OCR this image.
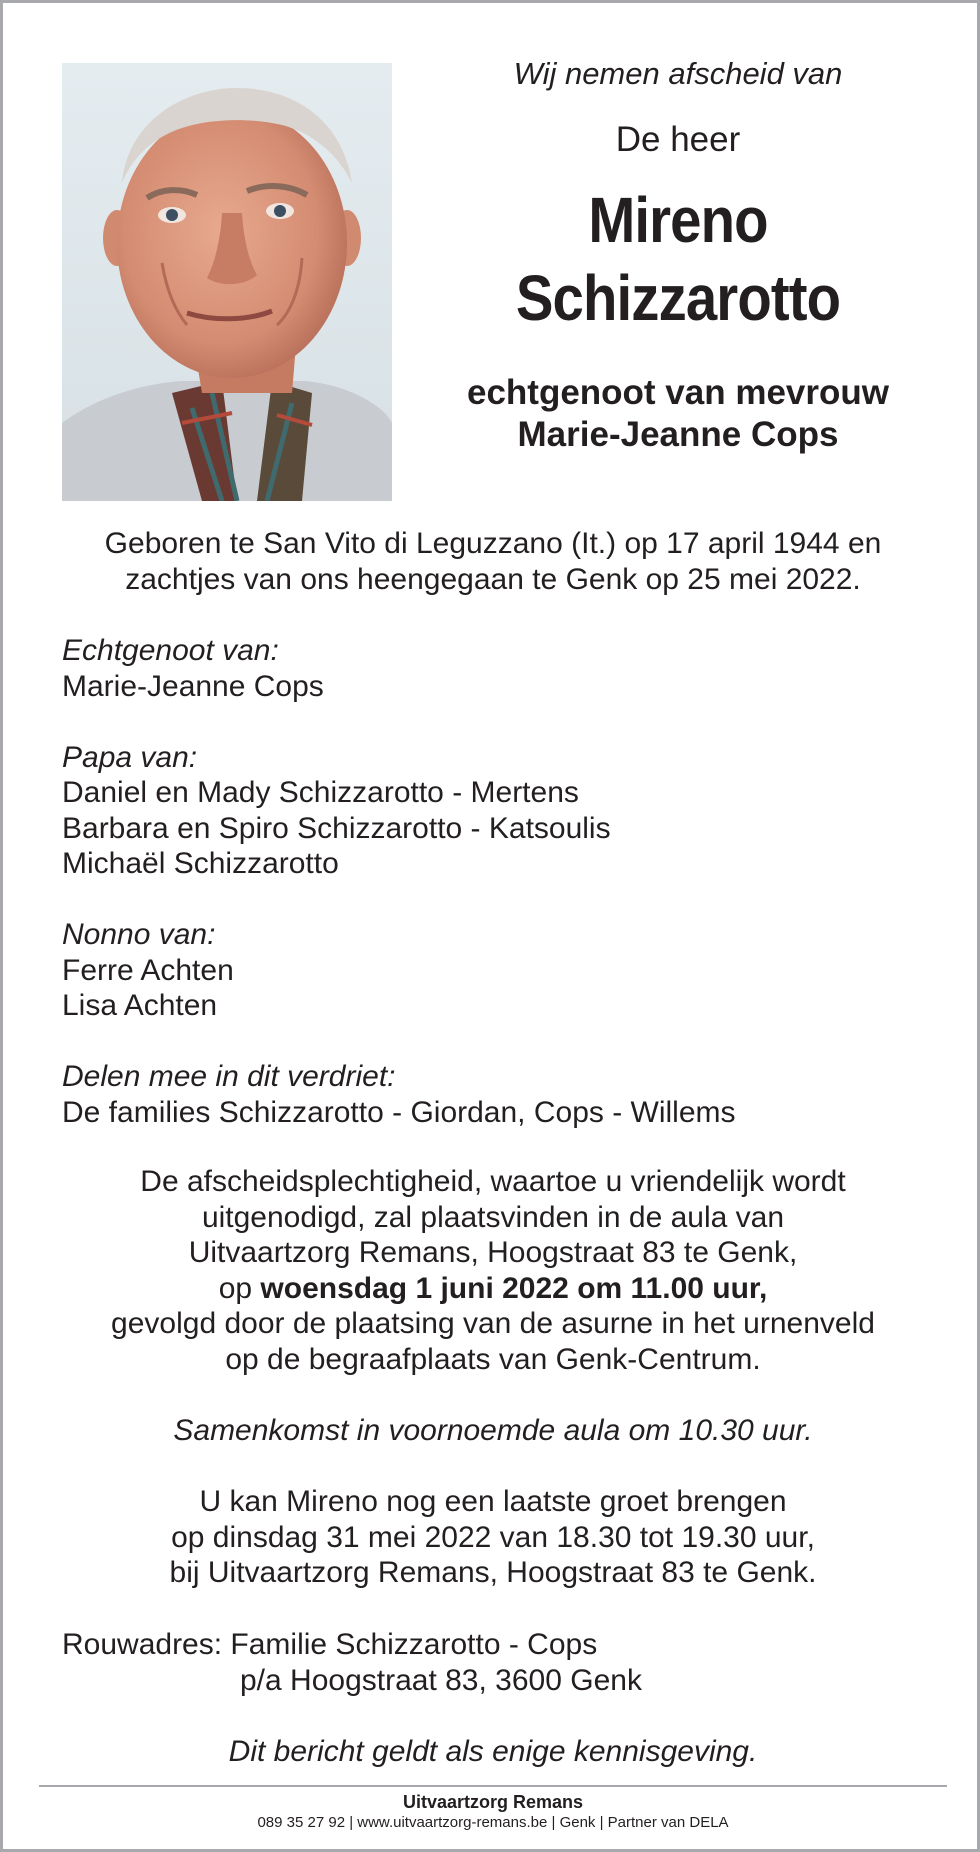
Wij nemen afscheid van

De heer

Mireno
Schizzarotto
echtgenoot van mevrouw
Marie-Jeanne Cops
Geboren te San Vito di Leguzzano (It.) op 17 april 1944 en
zachtjes van ons heengegaan te Genk op 25 mei 2022.
Echtgenoot van:
Marie-Jeanne Cops
Papa van:
Daniel en Mady Schizzarotto - Mertens
Barbara en Spiro Schizzarotto - Katsoulis
Michaël Schizzarotto
Nonno van:
Ferre Achten
Lisa Achten
Delen mee in dit verdriet:
De families Schizzarotto - Giordan, Cops - Willems
De afscheidsplechtigheid, waartoe u vriendelijk wordt
uitgenodigd, zal plaatsvinden in de aula van
Uitvaartzorg Remans, Hoogstraat 83 te Genk,
op woensdag 1 juni 2022 om 11.00 uur,
gevolgd door de plaatsing van de asurne in het urnenveld
op de begraafplaats van Genk-Centrum.
Samenkomst in voornoemde aula om 10.30 uur.
U kan Mireno nog een laatste groet brengen
op dinsdag 31 mei 2022 van 18.30 tot 19.30 uur,
bij Uitvaartzorg Remans, Hoogstraat 83 te Genk.
Rouwadres: Familie Schizzarotto - Cops
p/a Hoogstraat 83, 3600 Genk
Dit bericht geldt als enige kennisgeving.
Uitvaartzorg Remans
089 35 27 92 | www.uitvaartzorg-remans.be | Genk | Partner van DELA
